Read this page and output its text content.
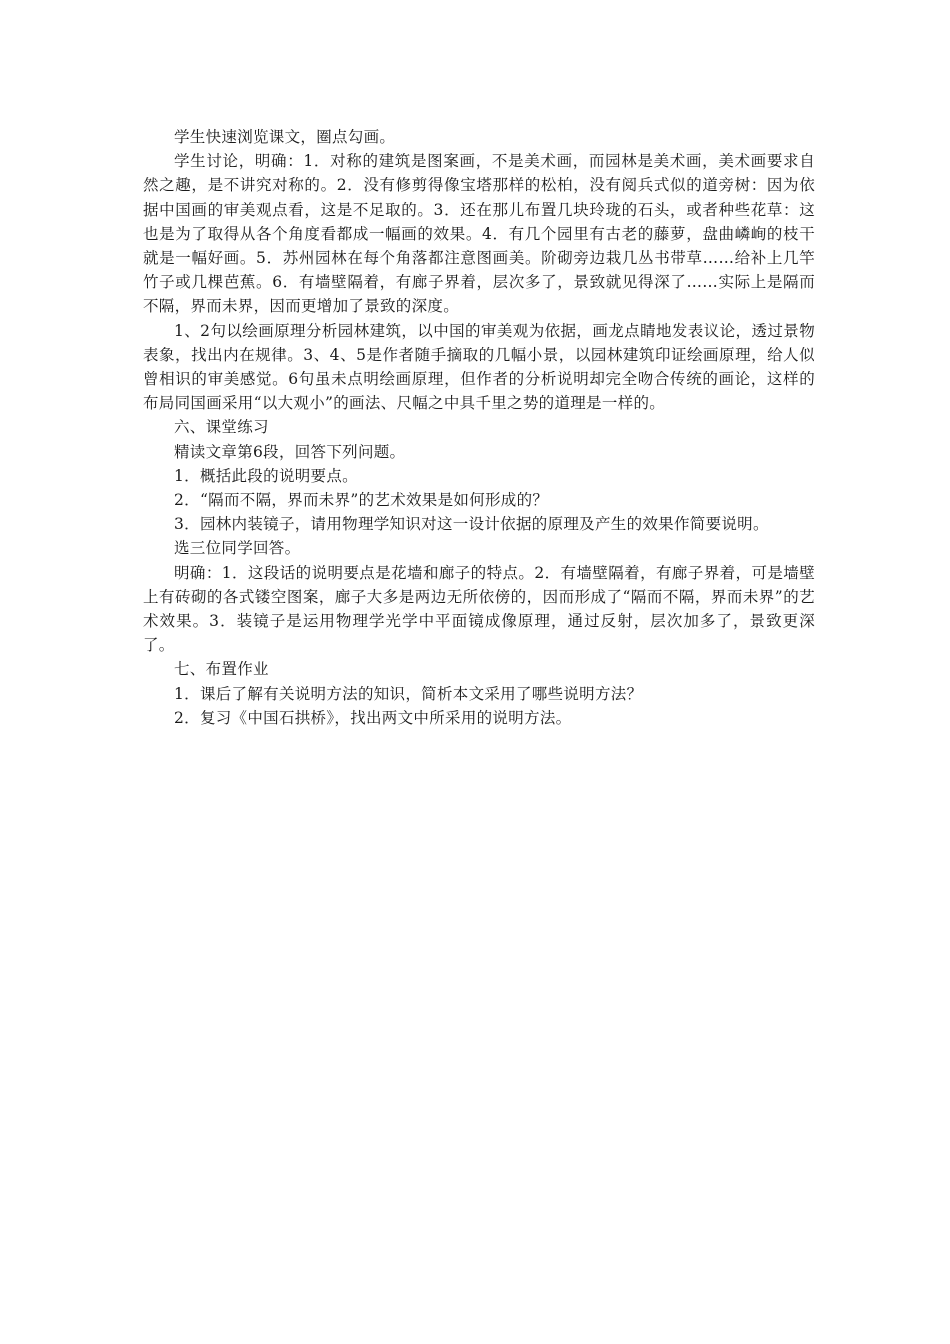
学生快速浏览课文，圈点勾画。

学生讨论，明确：1．对称的建筑是图案画，不是美术画，而园林是美术画，美术画要求自然之趣，是不讲究对称的。2．没有修剪得像宝塔那样的松柏，没有阅兵式似的道旁树：因为依据中国画的审美观点看，这是不足取的。3．还在那儿布置几块玲珑的石头，或者种些花草：这也是为了取得从各个角度看都成一幅画的效果。4．有几个园里有古老的藤萝，盘曲嶙峋的枝干就是一幅好画。5．苏州园林在每个角落都注意图画美。阶砌旁边栽几丛书带草……给补上几竿竹子或几棵芭蕉。6．有墙壁隔着，有廊子界着，层次多了，景致就见得深了……实际上是隔而不隔，界而未界，因而更增加了景致的深度。

1、2句以绘画原理分析园林建筑，以中国的审美观为依据，画龙点睛地发表议论，透过景物表象，找出内在规律。3、4、5是作者随手摘取的几幅小景，以园林建筑印证绘画原理，给人似曾相识的审美感觉。6句虽未点明绘画原理，但作者的分析说明却完全吻合传统的画论，这样的布局同国画采用“以大观小”的画法、尺幅之中具千里之势的道理是一样的。

六、课堂练习

精读文章第6段，回答下列问题。

1．概括此段的说明要点。

2．“隔而不隔，界而未界”的艺术效果是如何形成的？

3．园林内装镜子，请用物理学知识对这一设计依据的原理及产生的效果作简要说明。

选三位同学回答。

明确：1．这段话的说明要点是花墙和廊子的特点。2．有墙壁隔着，有廊子界着，可是墙壁上有砖砌的各式镂空图案，廊子大多是两边无所依傍的，因而形成了“隔而不隔，界而未界”的艺术效果。3．装镜子是运用物理学光学中平面镜成像原理，通过反射，层次加多了，景致更深了。

七、布置作业

1．课后了解有关说明方法的知识，简析本文采用了哪些说明方法？

2．复习《中国石拱桥》，找出两文中所采用的说明方法。
